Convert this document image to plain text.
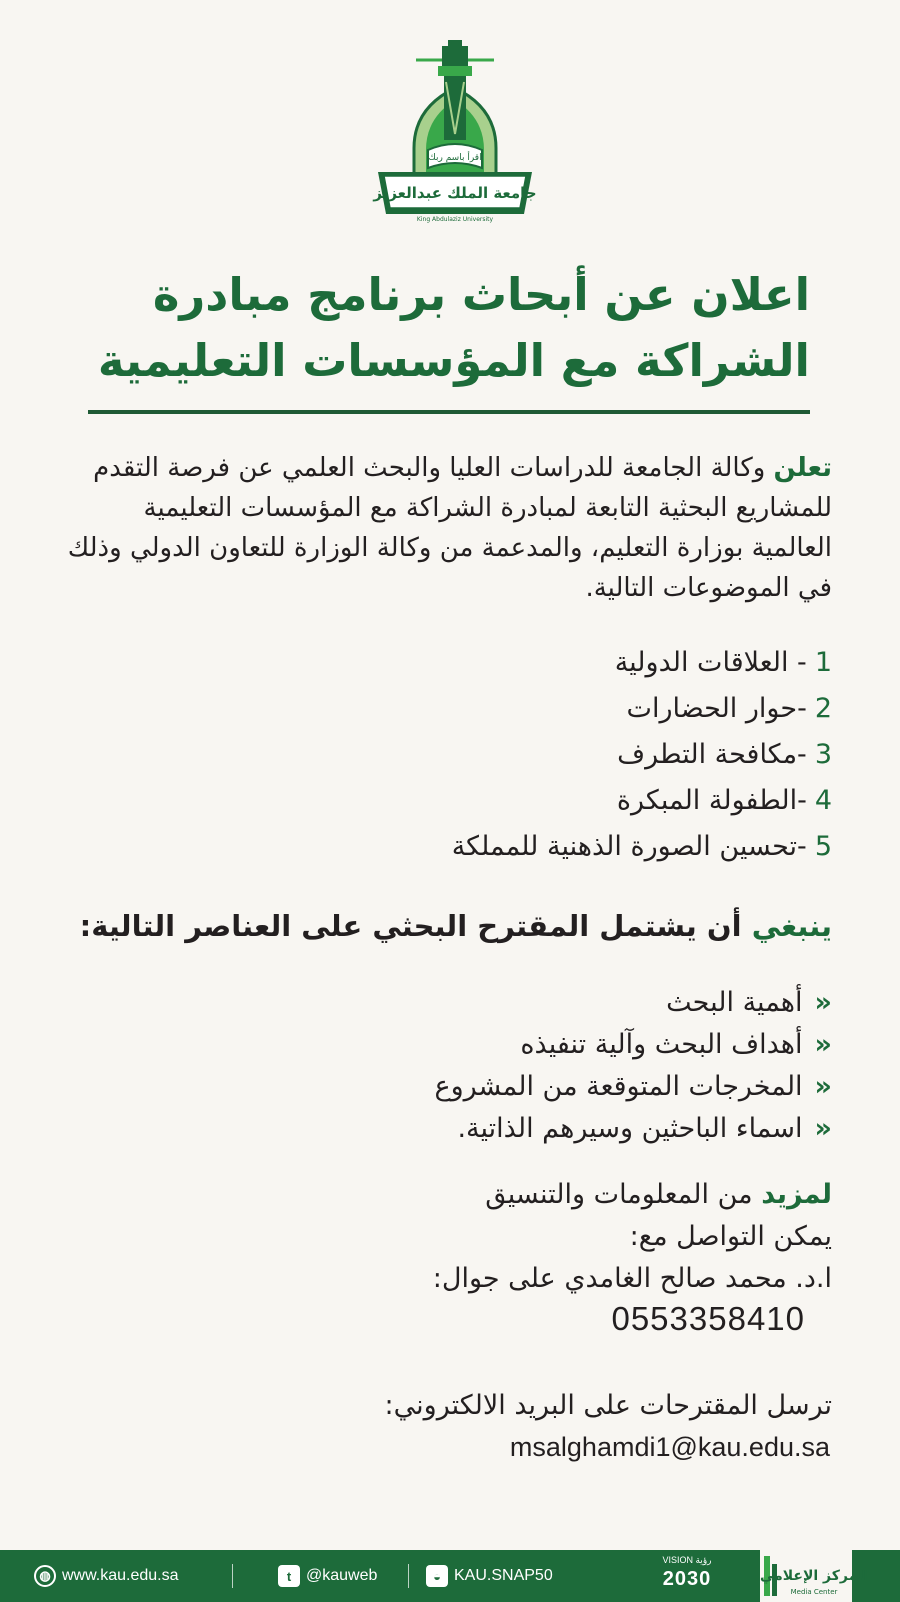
اقرأ باسم ربك
جامعة الملك عبدالعزيز
King Abdulaziz University
اعلان عن أبحاث برنامج مبادرة
الشراكة مع المؤسسات التعليمية
تعلن وكالة الجامعة للدراسات العليا والبحث العلمي عن فرصة التقدم للمشاريع البحثية التابعة لمبادرة الشراكة مع المؤسسات التعليمية العالمية بوزارة التعليم، والمدعمة من وكالة الوزارة للتعاون الدولي وذلك في الموضوعات التالية.
1- العلاقات الدولية
2-حوار الحضارات
3-مكافحة التطرف
4-الطفولة المبكرة
5-تحسين الصورة الذهنية للمملكة
ينبغي أن يشتمل المقترح البحثي على العناصر التالية:
«أهمية البحث
«أهداف البحث وآلية تنفيذه
«المخرجات المتوقعة من المشروع
«اسماء الباحثين وسيرهم الذاتية.
لمزيد من المعلومات والتنسيق
يمكن التواصل مع:
ا.د. محمد صالح الغامدي على جوال:
0553358410
ترسل المقترحات على البريد الالكتروني:
msalghamdi1@kau.edu.sa
◍ www.kau.edu.sa	t @kauweb	◒ KAU.SNAP50
VISION رؤية
2030	المركز الإعلامي
Media Center
